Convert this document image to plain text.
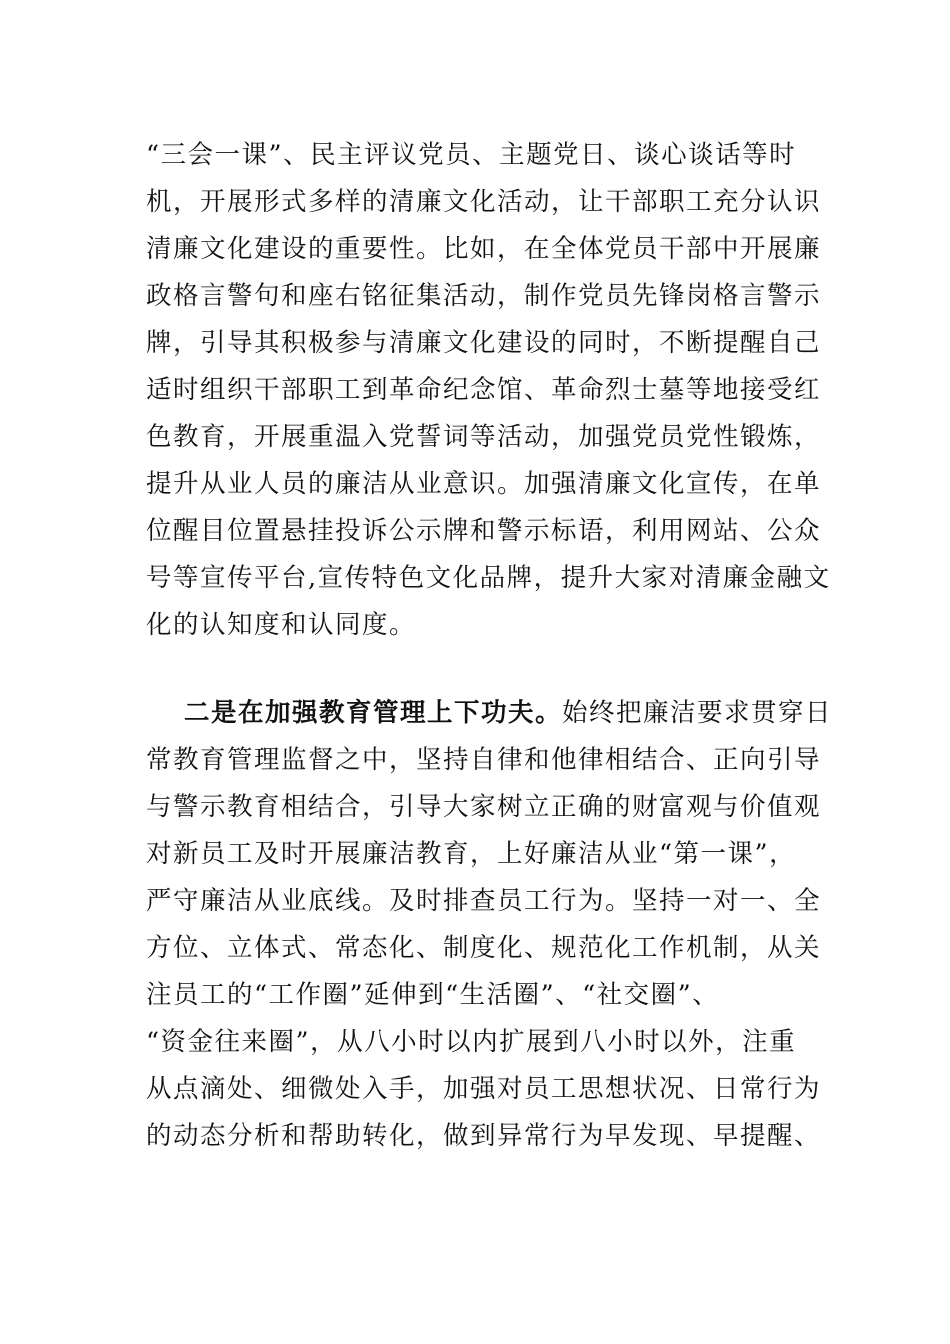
“三会一课”、民主评议党员、主题党日、谈心谈话等时
机，开展形式多样的清廉文化活动，让干部职工充分认识
清廉文化建设的重要性。比如，在全体党员干部中开展廉
政格言警句和座右铭征集活动，制作党员先锋岗格言警示
牌，引导其积极参与清廉文化建设的同时，不断提醒自己
适时组织干部职工到革命纪念馆、革命烈士墓等地接受红
色教育，开展重温入党誓词等活动，加强党员党性锻炼，
提升从业人员的廉洁从业意识。加强清廉文化宣传，在单
位醒目位置悬挂投诉公示牌和警示标语，利用网站、公众
号等宣传平台,宣传特色文化品牌，提升大家对清廉金融文
化的认知度和认同度。
二是在加强教育管理上下功夫。始终把廉洁要求贯穿日
常教育管理监督之中，坚持自律和他律相结合、正向引导
与警示教育相结合，引导大家树立正确的财富观与价值观
对新员工及时开展廉洁教育，上好廉洁从业“第一课”，
严守廉洁从业底线。及时排查员工行为。坚持一对一、全
方位、立体式、常态化、制度化、规范化工作机制，从关
注员工的“工作圈”延伸到“生活圈”、“社交圈”、
“资金往来圈”，从八小时以内扩展到八小时以外，注重
从点滴处、细微处入手，加强对员工思想状况、日常行为
的动态分析和帮助转化，做到异常行为早发现、早提醒、
